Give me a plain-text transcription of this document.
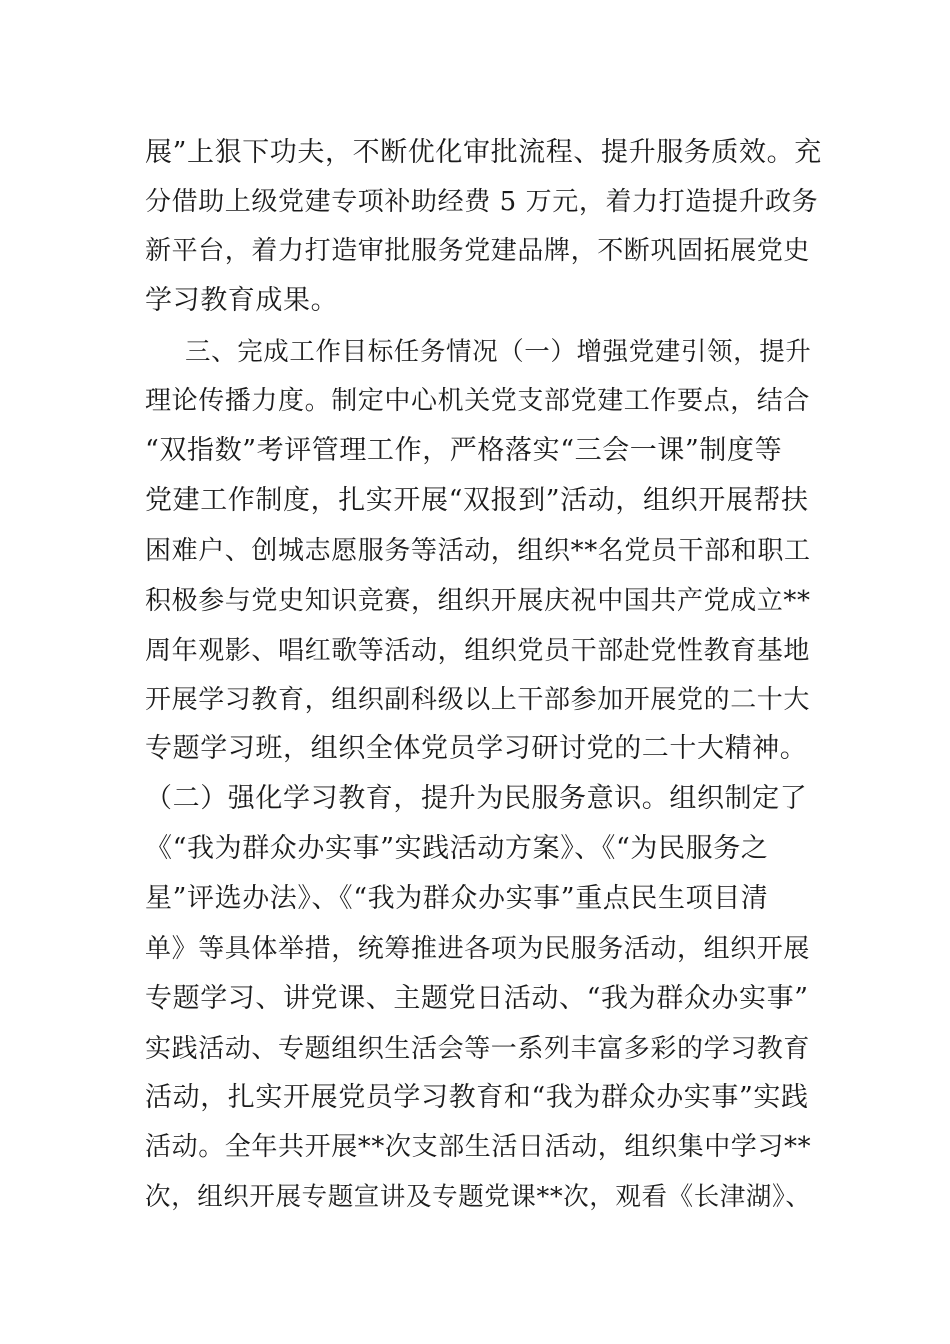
展”上狠下功夫，不断优化审批流程、提升服务质效。充
分借助上级党建专项补助经费 5 万元，着力打造提升政务
新平台，着力打造审批服务党建品牌，不断巩固拓展党史
学习教育成果。
三、完成工作目标任务情况（一）增强党建引领，提升
理论传播力度。制定中心机关党支部党建工作要点，结合
“双指数”考评管理工作，严格落实“三会一课”制度等
党建工作制度，扎实开展“双报到”活动，组织开展帮扶
困难户、创城志愿服务等活动，组织**名党员干部和职工
积极参与党史知识竞赛，组织开展庆祝中国共产党成立**
周年观影、唱红歌等活动，组织党员干部赴党性教育基地
开展学习教育，组织副科级以上干部参加开展党的二十大
专题学习班，组织全体党员学习研讨党的二十大精神。
（二）强化学习教育，提升为民服务意识。组织制定了
《“我为群众办实事”实践活动方案》、《“为民服务之
星”评选办法》、《“我为群众办实事”重点民生项目清
单》等具体举措，统筹推进各项为民服务活动，组织开展
专题学习、讲党课、主题党日活动、“我为群众办实事”
实践活动、专题组织生活会等一系列丰富多彩的学习教育
活动，扎实开展党员学习教育和“我为群众办实事”实践
活动。全年共开展**次支部生活日活动，组织集中学习**
次，组织开展专题宣讲及专题党课**次，观看《长津湖》、
